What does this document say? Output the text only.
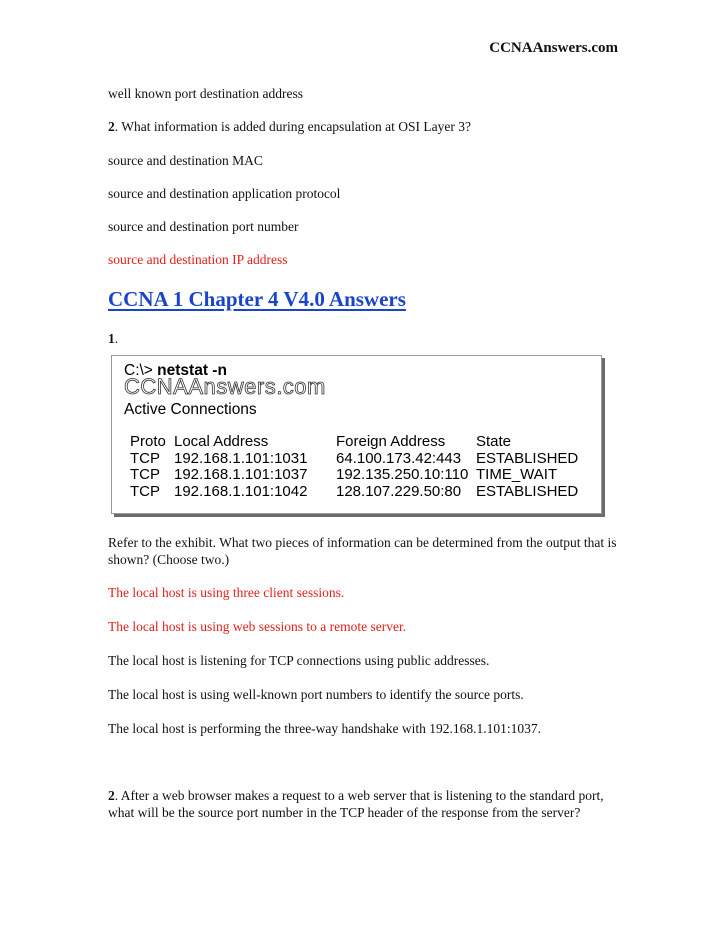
CCNAAnswers.com
well known port destination address
2. What information is added during encapsulation at OSI Layer 3?
source and destination MAC
source and destination application protocol
source and destination port number
source and destination IP address
CCNA 1 Chapter 4 V4.0 Answers
1.
C:\> netstat -n
CCNAAnswers.com
Active Connections
Proto	Local Address	Foreign Address	State
TCP	192.168.1.101:1031	64.100.173.42:443	ESTABLISHED
TCP	192.168.1.101:1037	192.135.250.10:110	TIME_WAIT
TCP	192.168.1.101:1042	128.107.229.50:80	ESTABLISHED
Refer to the exhibit. What two pieces of information can be determined from the output that is shown? (Choose two.)
The local host is using three client sessions.
The local host is using web sessions to a remote server.
The local host is listening for TCP connections using public addresses.
The local host is using well-known port numbers to identify the source ports.
The local host is performing the three-way handshake with 192.168.1.101:1037.
2. After a web browser makes a request to a web server that is listening to the standard port, what will be the source port number in the TCP header of the response from the server?
